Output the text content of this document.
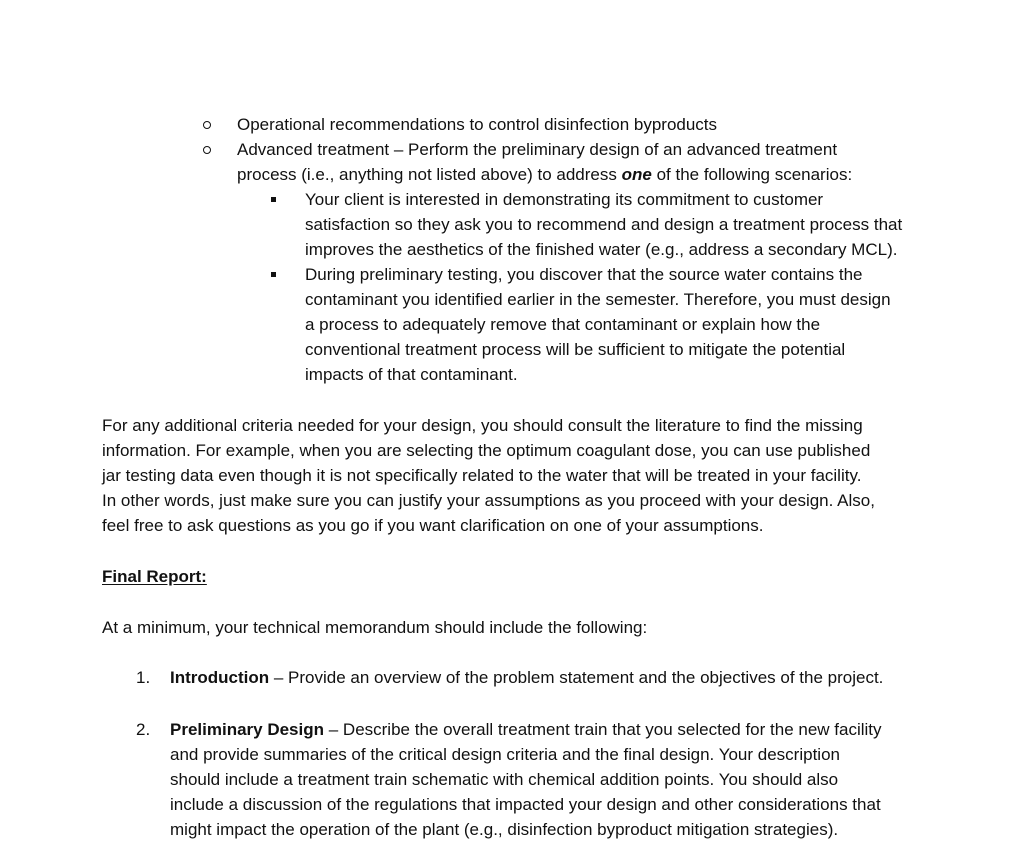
Operational recommendations to control disinfection byproducts
Advanced treatment – Perform the preliminary design of an advanced treatment
process (i.e., anything not listed above) to address one of the following scenarios:
Your client is interested in demonstrating its commitment to customer
satisfaction so they ask you to recommend and design a treatment process that
improves the aesthetics of the finished water (e.g., address a secondary MCL).
During preliminary testing, you discover that the source water contains the
contaminant you identified earlier in the semester. Therefore, you must design
a process to adequately remove that contaminant or explain how the
conventional treatment process will be sufficient to mitigate the potential
impacts of that contaminant.
For any additional criteria needed for your design, you should consult the literature to find the missing
information. For example, when you are selecting the optimum coagulant dose, you can use published
jar testing data even though it is not specifically related to the water that will be treated in your facility.
In other words, just make sure you can justify your assumptions as you proceed with your design. Also,
feel free to ask questions as you go if you want clarification on one of your assumptions.
Final Report:
At a minimum, your technical memorandum should include the following:
1. Introduction – Provide an overview of the problem statement and the objectives of the project.
2. Preliminary Design – Describe the overall treatment train that you selected for the new facility
and provide summaries of the critical design criteria and the final design. Your description
should include a treatment train schematic with chemical addition points. You should also
include a discussion of the regulations that impacted your design and other considerations that
might impact the operation of the plant (e.g., disinfection byproduct mitigation strategies).
